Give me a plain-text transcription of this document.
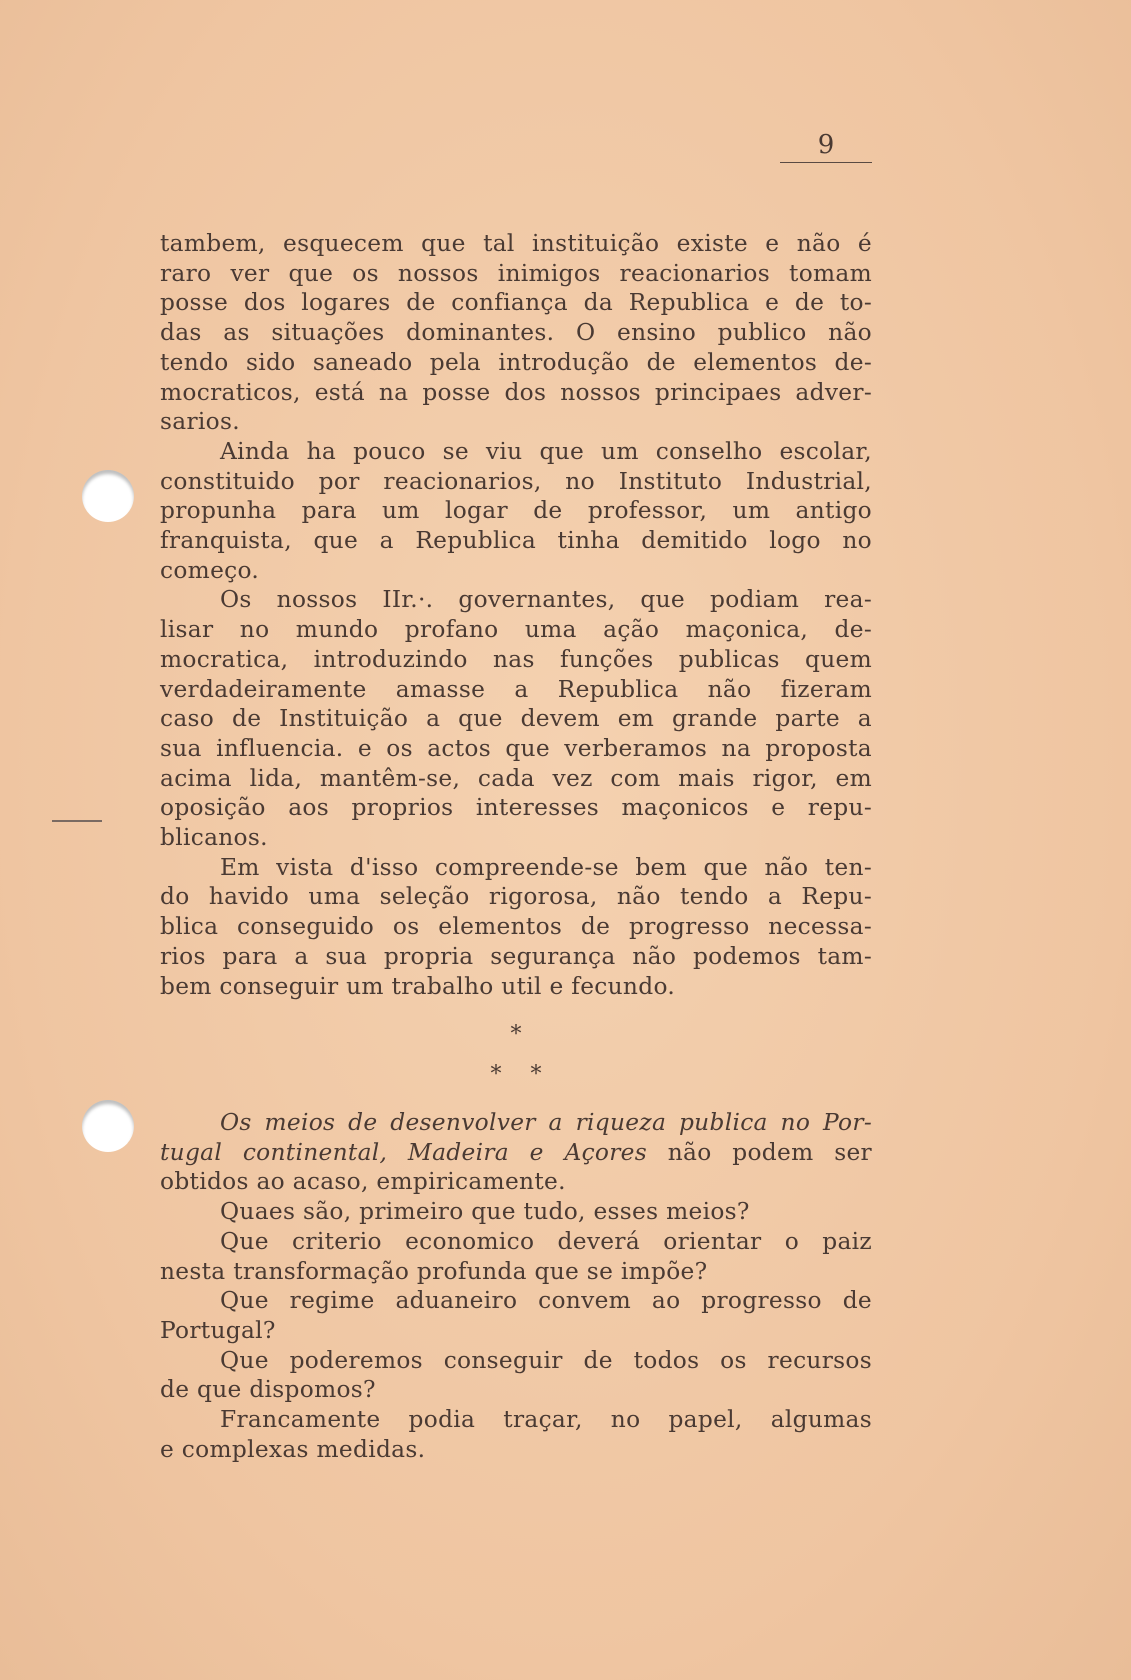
9
tambem, esquecem que tal instituição existe e não é
raro ver que os nossos inimigos reacionarios tomam
posse dos logares de confiança da Republica e de to-
das as situações dominantes. O ensino publico não
tendo sido saneado pela introdução de elementos de-
mocraticos, está na posse dos nossos principaes adver-
sarios.
Ainda ha pouco se viu que um conselho escolar,
constituido por reacionarios, no Instituto Industrial,
propunha para um logar de professor, um antigo
franquista, que a Republica tinha demitido logo no
começo.
Os nossos IIr.·. governantes, que podiam rea-
lisar no mundo profano uma ação maçonica, de-
mocratica, introduzindo nas funções publicas quem
verdadeiramente amasse a Republica não fizeram
caso de Instituição a que devem em grande parte a
sua influencia. e os actos que verberamos na proposta
acima lida, mantêm-se, cada vez com mais rigor, em
oposição aos proprios interesses maçonicos e repu-
blicanos.
Em vista d'isso compreende-se bem que não ten-
do havido uma seleção rigorosa, não tendo a Repu-
blica conseguido os elementos de progresso necessa-
rios para a sua propria segurança não podemos tam-
bem conseguir um trabalho util e fecundo.
*
* *
Os meios de desenvolver a riqueza publica no Por-
tugal continental, Madeira e Açores não podem ser
obtidos ao acaso, empiricamente.
Quaes são, primeiro que tudo, esses meios?
Que criterio economico deverá orientar o paiz
nesta transformação profunda que se impõe?
Que regime aduaneiro convem ao progresso de
Portugal?
Que poderemos conseguir de todos os recursos
de que dispomos?
Francamente podia traçar, no papel, algumas
e complexas medidas.
